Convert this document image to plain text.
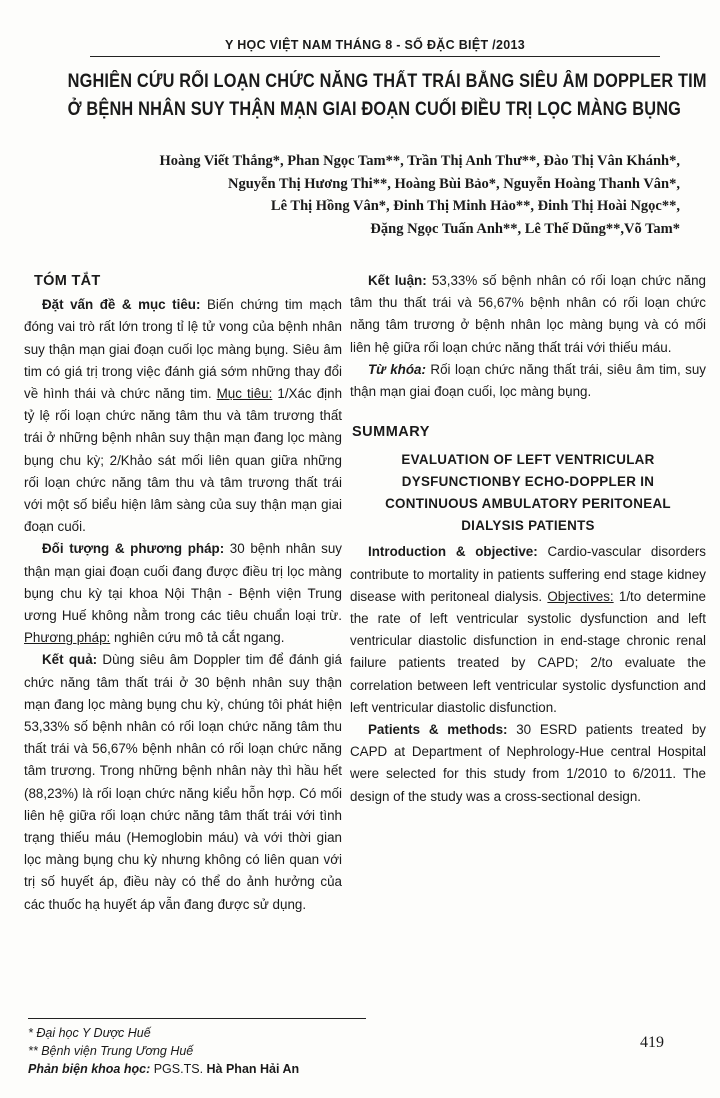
Y HỌC VIỆT NAM THÁNG 8 - SỐ ĐẶC BIỆT /2013
NGHIÊN CỨU RỐI LOẠN CHỨC NĂNG THẤT TRÁI BẰNG SIÊU ÂM DOPPLER TIM
Ở BỆNH NHÂN SUY THẬN MẠN GIAI ĐOẠN CUỐI ĐIỀU TRỊ LỌC MÀNG BỤNG
Hoàng Viết Thắng*, Phan Ngọc Tam**, Trần Thị Anh Thư**, Đào Thị Vân Khánh*,
Nguyễn Thị Hương Thi**, Hoàng Bùi Bảo*, Nguyễn Hoàng Thanh Vân*,
Lê Thị Hồng Vân*, Đinh Thị Minh Hảo**, Đinh Thị Hoài Ngọc**,
Đặng Ngọc Tuấn Anh**, Lê Thế Dũng**,Võ Tam*
TÓM TẮT

Đặt vấn đề & mục tiêu: Biến chứng tim mạch đóng vai trò rất lớn trong tỉ lệ tử vong của bệnh nhân suy thận mạn giai đoạn cuối lọc màng bụng. Siêu âm tim có giá trị trong việc đánh giá sớm những thay đổi về hình thái và chức năng tim. Mục tiêu: 1/Xác định tỷ lệ rối loạn chức năng tâm thu và tâm trương thất trái ở những bệnh nhân suy thận mạn đang lọc màng bụng chu kỳ; 2/Khảo sát mối liên quan giữa những rối loạn chức năng tâm thu và tâm trương thất trái với một số biểu hiện lâm sàng của suy thận mạn giai đoạn cuối.

Đối tượng & phương pháp: 30 bệnh nhân suy thận mạn giai đoạn cuối đang được điều trị lọc màng bụng chu kỳ tại khoa Nội Thận - Bệnh viện Trung ương Huế không nằm trong các tiêu chuẩn loại trừ. Phương pháp: nghiên cứu mô tả cắt ngang.

Kết quả: Dùng siêu âm Doppler tim để đánh giá chức năng tâm thất trái ở 30 bệnh nhân suy thận mạn đang lọc màng bụng chu kỳ, chúng tôi phát hiện 53,33% số bệnh nhân có rối loạn chức năng tâm thu thất trái và 56,67% bệnh nhân có rối loạn chức năng tâm trương. Trong những bệnh nhân này thì hầu hết (88,23%) là rối loạn chức năng kiểu hỗn hợp. Có mối liên hệ giữa rối loạn chức năng tâm thất trái với tình trạng thiếu máu (Hemoglobin máu) và với thời gian lọc màng bụng chu kỳ nhưng không có liên quan với trị số huyết áp, điều này có thể do ảnh hưởng của các thuốc hạ huyết áp vẫn đang được sử dụng.

Kết luận: 53,33% số bệnh nhân có rối loạn chức năng tâm thu thất trái và 56,67% bệnh nhân có rối loạn chức năng tâm trương ở bệnh nhân lọc màng bụng và có mối liên hệ giữa rối loạn chức năng thất trái với thiếu máu.

Từ khóa: Rối loạn chức năng thất trái, siêu âm tim, suy thận mạn giai đoạn cuối, lọc màng bụng.

SUMMARY
EVALUATION OF LEFT VENTRICULAR
DYSFUNCTIONBY ECHO-DOPPLER IN
CONTINUOUS AMBULATORY PERITONEAL
DIALYSIS PATIENTS

Introduction & objective: Cardio-vascular disorders contribute to mortality in patients suffering end stage kidney disease with peritoneal dialysis. Objectives: 1/to determine the rate of left ventricular systolic dysfunction and left ventricular diastolic disfunction in end-stage chronic renal failure patients treated by CAPD; 2/to evaluate the correlation between left ventricular systolic dysfunction and left ventricular diastolic disfunction.

Patients & methods: 30 ESRD patients treated by CAPD at Department of Nephrology-Hue central Hospital were selected for this study from 1/2010 to 6/2011. The design of the study was a cross-sectional design.

* Đại học Y Dược Huế
** Bệnh viện Trung Ương Huế
Phản biện khoa học: PGS.TS. Hà Phan Hải An
419
